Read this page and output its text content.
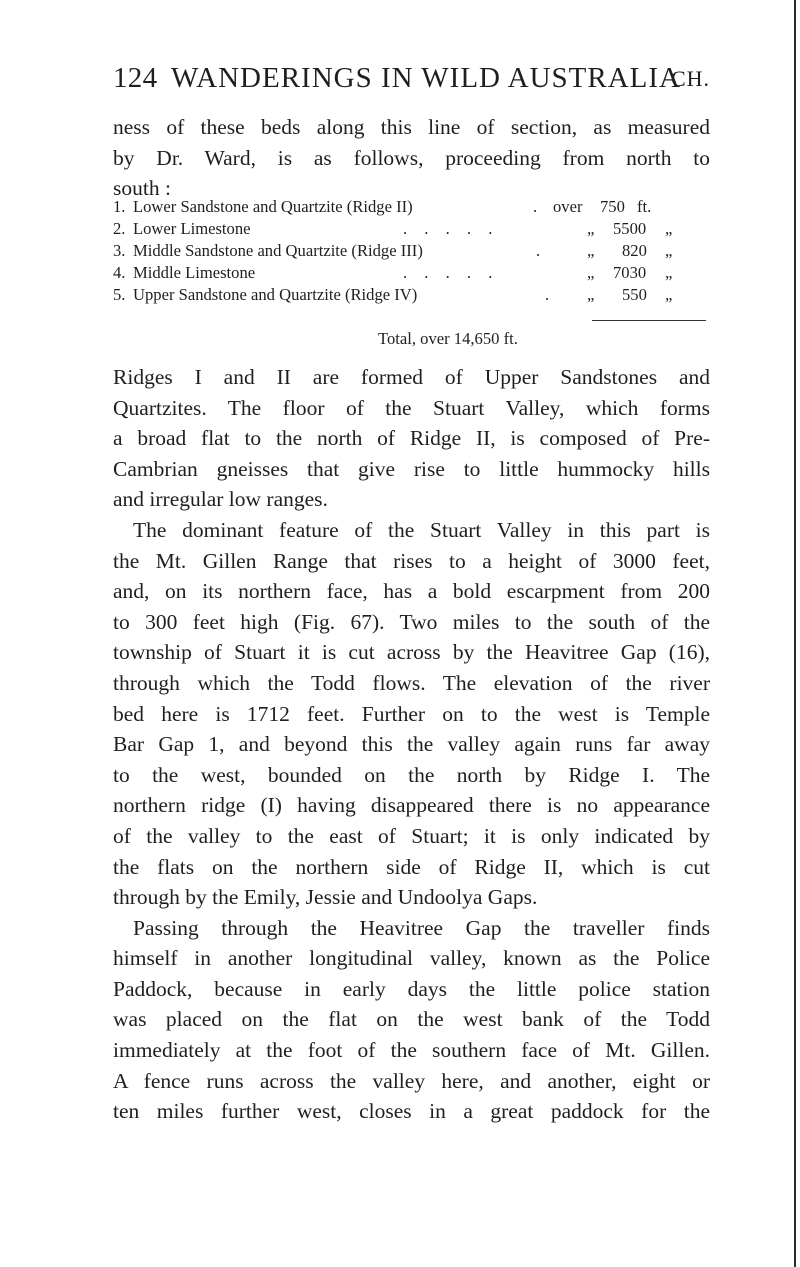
124 WANDERINGS IN WILD AUSTRALIA
CH.
ness of these beds along this line of section, as measured
by Dr. Ward, is as follows, proceeding from north to
south :
1. Lower Sandstone and Quartzite (Ridge II)	. over 750 ft.
2. Lower Limestone	. . . . .	„ 5500	„
3. Middle Sandstone and Quartzite (Ridge III)	.	„ 820	„
4. Middle Limestone	. . . . .	„ 7030	„
5. Upper Sandstone and Quartzite (Ridge IV)	. „ 550	„
Total, over 14,650 ft.
Ridges I and II are formed of Upper Sandstones and
Quartzites. The floor of the Stuart Valley, which forms
a broad flat to the north of Ridge II, is composed of Pre-
Cambrian gneisses that give rise to little hummocky hills
and irregular low ranges.
The dominant feature of the Stuart Valley in this part is
the Mt. Gillen Range that rises to a height of 3000 feet,
and, on its northern face, has a bold escarpment from 200
to 300 feet high (Fig. 67). Two miles to the south of the
township of Stuart it is cut across by the Heavitree Gap (16),
through which the Todd flows. The elevation of the river
bed here is 1712 feet. Further on to the west is Temple
Bar Gap 1, and beyond this the valley again runs far away
to the west, bounded on the north by Ridge I. The
northern ridge (I) having disappeared there is no appearance
of the valley to the east of Stuart; it is only indicated by
the flats on the northern side of Ridge II, which is cut
through by the Emily, Jessie and Undoolya Gaps.
Passing through the Heavitree Gap the traveller finds
himself in another longitudinal valley, known as the Police
Paddock, because in early days the little police station
was placed on the flat on the west bank of the Todd
immediately at the foot of the southern face of Mt. Gillen.
A fence runs across the valley here, and another, eight or
ten miles further west, closes in a great paddock for the
